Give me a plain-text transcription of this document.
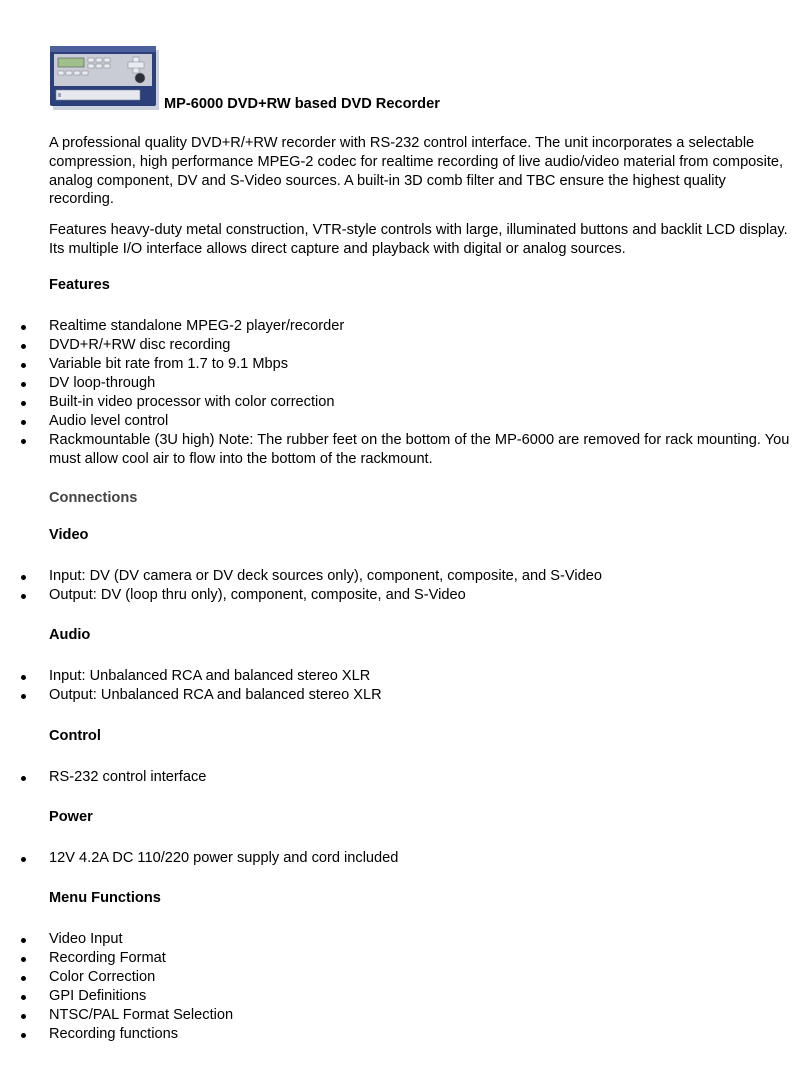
MP-6000 DVD+RW based DVD Recorder

A professional quality DVD+R/+RW recorder with RS-232 control interface. The unit incorporates a selectable compression, high performance MPEG-2 codec for realtime recording of live audio/video material from composite, analog component, DV and S-Video sources. A built-in 3D comb filter and TBC ensure the highest quality recording.

Features heavy-duty metal construction, VTR-style controls with large, illuminated buttons and backlit LCD display. Its multiple I/O interface allows direct capture and playback with digital or analog sources.

Features
Realtime standalone MPEG-2 player/recorder
DVD+R/+RW disc recording
Variable bit rate from 1.7 to 9.1 Mbps
DV loop-through
Built-in video processor with color correction
Audio level control
Rackmountable (3U high) Note: The rubber feet on the bottom of the MP-6000 are removed for rack mounting. You must allow cool air to flow into the bottom of the rackmount.
Connections
Video
Input: DV (DV camera or DV deck sources only), component, composite, and S-Video
Output: DV (loop thru only), component, composite, and S-Video
Audio
Input: Unbalanced RCA and balanced stereo XLR
Output: Unbalanced RCA and balanced stereo XLR
Control
RS-232 control interface
Power
12V 4.2A DC 110/220 power supply and cord included
Menu Functions
Video Input
Recording Format
Color Correction
GPI Definitions
NTSC/PAL Format Selection
Recording functions
